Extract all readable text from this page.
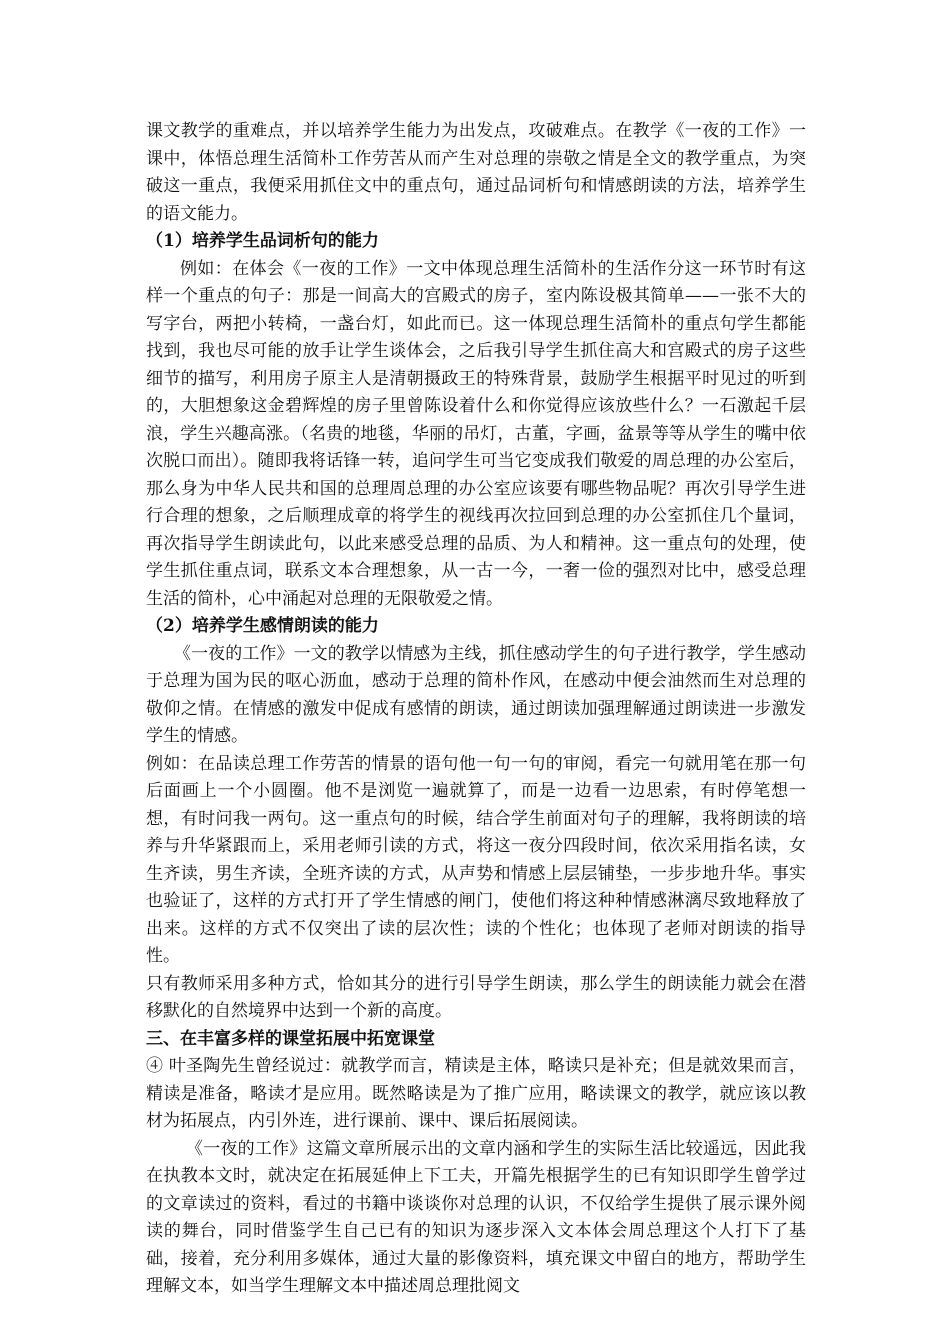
课文教学的重难点，并以培养学生能力为出发点，攻破难点。在教学《一夜的工作》一课中，体悟总理生活简朴工作劳苦从而产生对总理的崇敬之情是全文的教学重点，为突破这一重点，我便采用抓住文中的重点句，通过品词析句和情感朗读的方法，培养学生的语文能力。

（1）培养学生品词析句的能力

例如：在体会《一夜的工作》一文中体现总理生活简朴的生活作分这一环节时有这样一个重点的句子：那是一间高大的宫殿式的房子，室内陈设极其简单——一张不大的写字台，两把小转椅，一盏台灯，如此而已。这一体现总理生活简朴的重点句学生都能找到，我也尽可能的放手让学生谈体会，之后我引导学生抓住高大和宫殿式的房子这些细节的描写，利用房子原主人是清朝摄政王的特殊背景，鼓励学生根据平时见过的听到的，大胆想象这金碧辉煌的房子里曾陈设着什么和你觉得应该放些什么？一石激起千层浪，学生兴趣高涨。（名贵的地毯，华丽的吊灯，古董，字画，盆景等等从学生的嘴中依次脱口而出）。随即我将话锋一转，追问学生可当它变成我们敬爱的周总理的办公室后，那么身为中华人民共和国的总理周总理的办公室应该要有哪些物品呢？再次引导学生进行合理的想象，之后顺理成章的将学生的视线再次拉回到总理的办公室抓住几个量词，再次指导学生朗读此句，以此来感受总理的品质、为人和精神。这一重点句的处理，使学生抓住重点词，联系文本合理想象，从一古一今，一奢一俭的强烈对比中，感受总理生活的简朴，心中涌起对总理的无限敬爱之情。

（2）培养学生感情朗读的能力

《一夜的工作》一文的教学以情感为主线，抓住感动学生的句子进行教学，学生感动于总理为国为民的呕心沥血，感动于总理的简朴作风，在感动中便会油然而生对总理的敬仰之情。在情感的激发中促成有感情的朗读，通过朗读加强理解通过朗读进一步激发学生的情感。

例如：在品读总理工作劳苦的情景的语句他一句一句的审阅，看完一句就用笔在那一句后面画上一个小圆圈。他不是浏览一遍就算了，而是一边看一边思索，有时停笔想一想，有时问我一两句。这一重点句的时候，结合学生前面对句子的理解，我将朗读的培养与升华紧跟而上，采用老师引读的方式，将这一夜分四段时间，依次采用指名读，女生齐读，男生齐读，全班齐读的方式，从声势和情感上层层铺垫，一步步地升华。事实也验证了，这样的方式打开了学生情感的闸门，使他们将这种种情感淋漓尽致地释放了出来。这样的方式不仅突出了读的层次性；读的个性化；也体现了老师对朗读的指导性。

只有教师采用多种方式，恰如其分的进行引导学生朗读，那么学生的朗读能力就会在潜移默化的自然境界中达到一个新的高度。

三、在丰富多样的课堂拓展中拓宽课堂

④ 叶圣陶先生曾经说过：就教学而言，精读是主体，略读只是补充；但是就效果而言，精读是准备，略读才是应用。既然略读是为了推广应用，略读课文的教学，就应该以教材为拓展点，内引外连，进行课前、课中、课后拓展阅读。

《一夜的工作》这篇文章所展示出的文章内涵和学生的实际生活比较遥远，因此我在执教本文时，就决定在拓展延伸上下工夫，开篇先根据学生的已有知识即学生曾学过的文章读过的资料，看过的书籍中谈谈你对总理的认识，不仅给学生提供了展示课外阅读的舞台，同时借鉴学生自己已有的知识为逐步深入文本体会周总理这个人打下了基础，接着，充分利用多媒体，通过大量的影像资料，填充课文中留白的地方，帮助学生理解文本，如当学生理解文本中描述周总理批阅文
